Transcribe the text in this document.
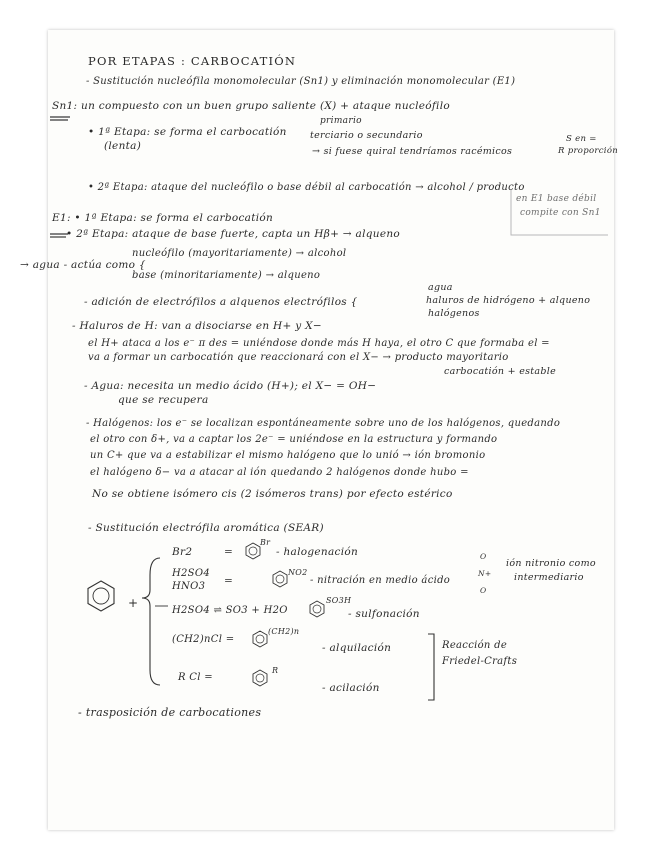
POR ETAPAS : CARBOCATIÓN
- Sustitución nucleófila monomolecular (Sn1) y eliminación monomolecular (E1)
Sn1: un compuesto con un buen grupo saliente (X) + ataque nucleófilo
• 1ª Etapa: se forma el carbocatión
(lenta)
primario
terciario o secundario
→ si fuese quiral tendríamos racémicos
S en =
R proporción
• 2ª Etapa: ataque del nucleófilo o base débil al carbocatión → alcohol / producto
E1: • 1ª Etapa: se forma el carbocatión
• 2ª Etapa: ataque de base fuerte, capta un Hβ+ → alqueno
en E1 base débil
compite con Sn1
nucleófilo (mayoritariamente) → alcohol
→ agua - actúa como {
base (minoritariamente) → alqueno
- adición de electrófilos a alquenos electrófilos {
agua
haluros de hidrógeno + alqueno
halógenos
- Haluros de H: van a disociarse en H+ y X−
el H+ ataca a los e⁻ π des = uniéndose donde más H haya, el otro C que formaba el =
va a formar un carbocatión que reaccionará con el X− → producto mayoritario
carbocatión + estable
- Agua: necesita un medio ácido (H+); el X− = OH−
que se recupera
- Halógenos: los e⁻ se localizan espontáneamente sobre uno de los halógenos, quedando
el otro con δ+, va a captar los 2e⁻ = uniéndose en la estructura y formando
un C+ que va a estabilizar el mismo halógeno que lo unió → ión bromonio
el halógeno δ− va a atacar al ión quedando 2 halógenos donde hubo =
No se obtiene isómero cis (2 isómeros trans) por efecto estérico
- Sustitución electrófila aromática (SEAR)
+
Br2	=
Br
- halogenación
H2SO4
HNO3 =
NO2
- nitración en medio ácido
O
N+
O
ión nitronio como
intermediario
H2SO4 ⇌ SO3 + H2O
SO3H
- sulfonación
(CH2)nCl =
(CH2)n
- alquilación	Reacción de
Friedel-Crafts
R Cl =
R
- acilación
- trasposición de carbocationes
